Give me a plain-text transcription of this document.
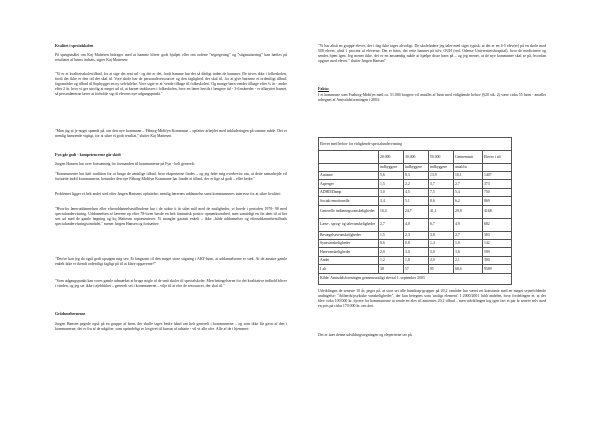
Kvalitet i specialskolen
På spørgsmålet om Kaj Mattesen bidrager med at hamme bliver godt hjulpet eller om ordene "segregering" og "stigmatisering" kan hæftes på resultatet af børns indsats, sigter Kaj Mattesen:
"Vi er et kvalitetsskolestilbud, for at sige det rent ud - og det er det, fordi hamme har det så dårligt inden de kommer. De trives ikke i folkeskolen, fordi der ikke er den tid der skal til. Vore skole har de personaleressourcer og den faglighed, der skal til, for at give børnene et ordentligt tilbud, fagområder og tilbud til 6opbygget en ny selvfølelse. Vore sigte er at 'vende tilbage til folkeskolen'. Og mange børn vender tilbage efter ¾ år - andre efter 2 år, hvor vi ger utrolig at meget ud af, at barnet indslusses i folkeskolen, hvor en lærer hertils i længere tid - 3-6 måneder - er tilknyttet barnet, så personlærerne lærer at forholde sig til elevens nye udgangspunkt."
"Man jag at je noget spændt på, om den nye kommune – Fåborg-Midtfyn Kommune – opfatter arbejdet med inkluderingen på samme måde. Det er nemlig hamrende vigtigt, for at sikre et godt resultat," slutter Kaj Mattesen.
Fyn går godt - kompetencerne går skidt
Jørgen Hansen har over fortsætning for formanden til kommunerne på Fyn - helt generelt:
"Kommunerne har haft tradition for at bruge de amtslige tilbud, hvor eksperterne findes – og jeg føler mig overbevist om, at dette samarbejde vil fortsætte indtil kommunerne, herunder den nye Fåborg-Midtfyn Kommune har fundet et tilbud, der er lige så godt – eller bedre."
Problemet ligger et helt andet sted efter Jørgen Hansens opfattelse, nemlig lærernes uddannelse samt kommunernes interesse for at sikre kvalitet:
"Hvorfor læreruddannelsen eller efteruddannelsestilbudene har i de sidste ti år stået mål med de muligheder, vi havde i perioden 1970- 90 med specialundervisning. Uddannelsen af lærerne op efter 78-tiven havde en helt fantastisk positiv opmærksomhed, men samtidigt en fin dem til at ber stet ud med de gamle lægning og kq Mattesen repræsenterer. Vi mangler garanti enkelt – ikke –både uddannelser og efteruddannelsestilbuds specialundervisningsområdet," mener Jørgen Hansen og fortsætter:
"Derfor kan jeg da også godt opsøgen nøg sev. Et langsomt til den meget store stigning i AKT-børn, at uddannelserne er væk. At de ansatte gamle enkelt ikke er ikendt ordentligt fagligt på til at klare opgaverne?"
"Som udgangspunkt kan vores gamle udmærket at bruge nogle af de små skoler til specialskoler. Men betingelserne for det kvalitative indhold bliver i vinden, og jeg ser ikke i øjeblikket – generelt set i kommunerne – vilje til at ofre de ressourcer, der skal til."
Grådsmehernesne
Jørgen Hansen pegede også på en gruppe af børn, der skulle tages bedre hånd om helt generelt i kommunerne – og som ikke får gavn af den i kommunerne, det er fru af de udgifter, som oprindeligt er lovgivet til kursus af udsatte - vil vi alle ofre. Alle af de i hjemmet:
"Vi har altså en gruppe elever, der i dag ikke tages alvorligt. De skolefødere jeg taler med siger typisk, at det er en 4-5 elev(er) på en skole med 500 elever, altså 1 procent af eleverne. Det er børn, der rette hamnet på tolv. OUH (red. Odense Universitetshospital), hvor de medicinere og sendes hjem igen. Jeg mener ikke, det er en anstændig måde at hjælpe disse børn på – og jeg mener, at de nye kommuner skal se på, hvordan opgave med elever," slutter Jørgen Hansen"
Fakta:
I et kommune som Faaborg-Midtfyn med ca. 51.000 borgere vil antallet af børn med vidtgående behov (§20 stk. 2) være cirka 55 børn - antallet udregnet af Amtsrådsforeningen i 2003:
Elever med behov for vidtgående specialundervisning					
	20.000	30.000	50.000	Gennemsnit	Elever i alt
	indbyggere	indbyggere	indbyggere	antal/tis	
Autisme	5,6	8,3	13,9	10,1	1407
Asperger	1,5	2,2	3,7	2,7	373
ADHD/Damp	3,0	4,5	7,5	5,4	750
Socialt emotionelle	3,4	5,1	8,6	6,2	869
Generelle indlæringsvanskeligheder	16,4	24,7	41,1	29,8	4168
Læse-, sprog- og talevanskeligheder	2,7	4,0	6,7	4,9	682
Bevægelsesvanskeligheder	1,5	2,3	3,8	2,7	383
Synsvanskeligheder	0,6	0,8	1,4	1,0	142
Hørevanskeligheder	2,0	3,0	5,0	3,6	509
Andet	1,2	1,8	3,0	2,1	300
I alt	38	57	95	68,6	9589
Kilde: Amtsrådsforeningen gennemsnitligt elevtal 1. september 2003					
Udviklingen de seneste 10 år, peger på, at stort set alle handicap-grupper på 20,2 områder har været ret konstante med en meget sejnefoldende undtagelse: "Adfærds/psykiske vanskeligheder", der kan betegnes som 'uroligt element'. I 2000/2001 faldt andelen, hvor fordelingen er, at der blev cirka 100.000 kr. dyrere for kommunerne at sende en elev til amternes 20,2 tilbud – men udviklingen tog igen fart et par år senere selv med en pris på cirka 170.000 kr. om året.
Det er især denne udviklingsregningen og eleperterne ser på.
